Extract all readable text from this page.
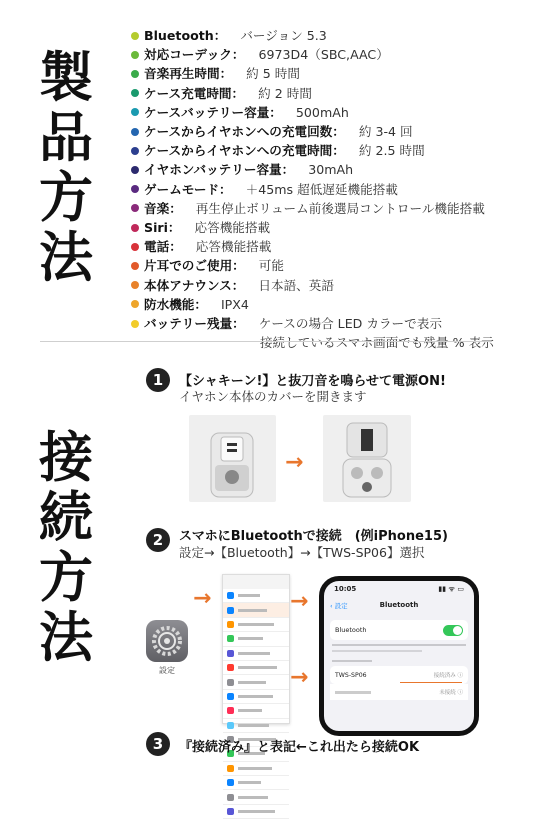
製
品
方
法
接
続
方
法
Bluetooth： バージョン 5.3
対応コーデック： 6973D4（SBC,AAC）
音楽再生時間： 約 5 時間
ケース充電時間： 約 2 時間
ケースバッテリー容量： 500mAh
ケースからイヤホンへの充電回数： 約 3-4 回
ケースからイヤホンへの充電時間： 約 2.5 時間
イヤホンバッテリー容量： 30mAh
ゲームモード： ＋45ms 超低遅延機能搭載
音楽： 再生停止ボリューム前後選局コントロール機能搭載
Siri： 応答機能搭載
電話： 応答機能搭載
片耳でのご使用： 可能
本体アナウンス： 日本語、英語
防水機能： IPX4
バッテリー残量： ケースの場合 LED カラーで表示
接続しているスマホ画面でも残量 % 表示
1	【シャキーン!】と抜刀音を鳴らせて電源ON!
イヤホン本体のカバーを開きます
→
2	スマホにBluetoothで接続　(例iPhone15)
設定→【Bluetooth】→【TWS-SP06】選択
設定
→	→
→
10:05	▮▮ ᯤ ▭
‹ 設定	Bluetooth
Bluetooth
TWS-SP06	接続済み ⓘ
未接続 ⓘ
3	『接続済み』と表記←これ出たら接続OK
